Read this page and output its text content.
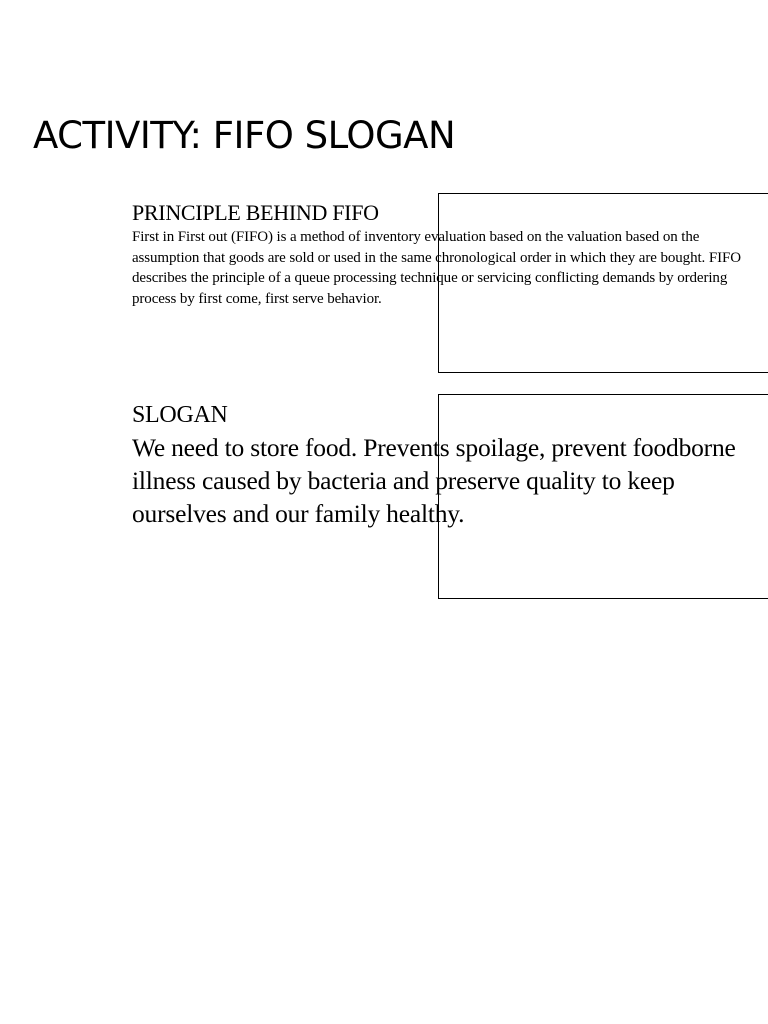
ACTIVITY: FIFO SLOGAN
PRINCIPLE BEHIND FIFO

First in First out (FIFO) is a method of inventory evaluation based on the valuation based on the assumption that goods are sold or used in the same chronological order in which they are bought. FIFO describes the principle of a queue processing technique or servicing conflicting demands by ordering process by first come, first serve behavior.

SLOGAN

We need to store food. Prevents spoilage, prevent foodborne illness caused by bacteria and preserve quality to keep ourselves and our family healthy.
